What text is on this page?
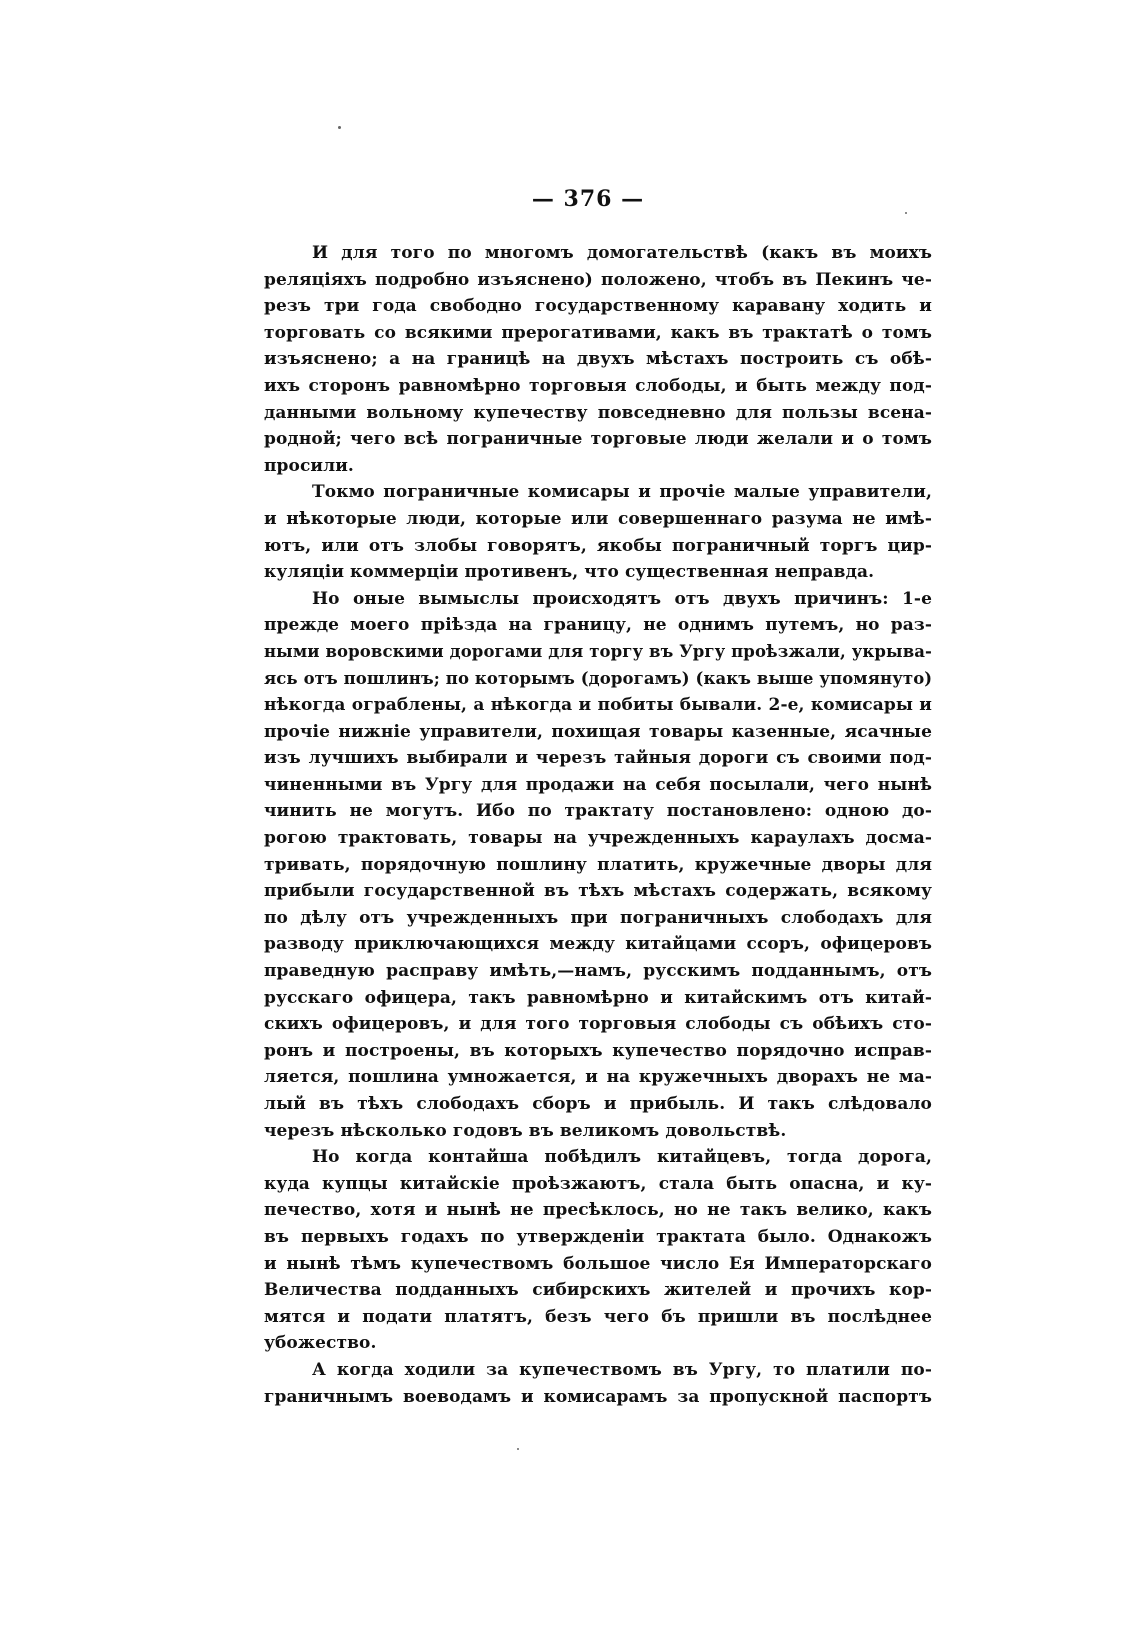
— 376 —

И для того по многомъ домогательствѣ (какъ въ моихъ
реляціяхъ подробно изъяснено) положено, чтобъ въ Пекинъ че-
резъ три года свободно государственному каравану ходить и
торговать со всякими прерогативами, какъ въ трактатѣ о томъ
изъяснено; а на границѣ на двухъ мѣстахъ построить съ обѣ-
ихъ сторонъ равномѣрно торговыя слободы, и быть между под-
данными вольному купечеству повседневно для пользы всена-
родной; чего всѣ пограничные торговые люди желали и о томъ
просили.

Токмо пограничные комисары и прочіе малые управители,
и нѣкоторые люди, которые или совершеннаго разума не имѣ-
ютъ, или отъ злобы говорятъ, якобы пограничный торгъ цир-
куляціи коммерціи противенъ, что существенная неправда.

Но оные вымыслы происходятъ отъ двухъ причинъ: 1-е
прежде моего пріѣзда на границу, не однимъ путемъ, но раз-
ными воровскими дорогами для торгу въ Ургу проѣзжали, укрыва-
ясь отъ пошлинъ; по которымъ (дорогамъ) (какъ выше упомянуто)
нѣкогда ограблены, а нѣкогда и побиты бывали. 2-е, комисары и
прочіе нижніе управители, похищая товары казенные, ясачные
изъ лучшихъ выбирали и черезъ тайныя дороги съ своими под-
чиненными въ Ургу для продажи на себя посылали, чего нынѣ
чинить не могутъ. Ибо по трактату постановлено: одною до-
рогою трактовать, товары на учрежденныхъ караулахъ досма-
тривать, порядочную пошлину платить, кружечные дворы для
прибыли государственной въ тѣхъ мѣстахъ содержать, всякому
по дѣлу отъ учрежденныхъ при пограничныхъ слободахъ для
разводу приключающихся между китайцами ссоръ, офицеровъ
праведную расправу имѣть,—намъ, русскимъ подданнымъ, отъ
русскаго офицера, такъ равномѣрно и китайскимъ отъ китай-
скихъ офицеровъ, и для того торговыя слободы съ обѣихъ сто-
ронъ и построены, въ которыхъ купечество порядочно исправ-
ляется, пошлина умножается, и на кружечныхъ дворахъ не ма-
лый въ тѣхъ слободахъ сборъ и прибыль. И такъ слѣдовало
черезъ нѣсколько годовъ въ великомъ довольствѣ.

Но когда контайша побѣдилъ китайцевъ, тогда дорога,
куда купцы китайскіе проѣзжаютъ, стала быть опасна, и ку-
печество, хотя и нынѣ не пресѣклось, но не такъ велико, какъ
въ первыхъ годахъ по утвержденіи трактата было. Однакожъ
и нынѣ тѣмъ купечествомъ большое число Ея Императорскаго
Величества подданныхъ сибирскихъ жителей и прочихъ кор-
мятся и подати платятъ, безъ чего бъ пришли въ послѣднее
убожество.

А когда ходили за купечествомъ въ Ургу, то платили по-
граничнымъ воеводамъ и комисарамъ за пропускной паспортъ
